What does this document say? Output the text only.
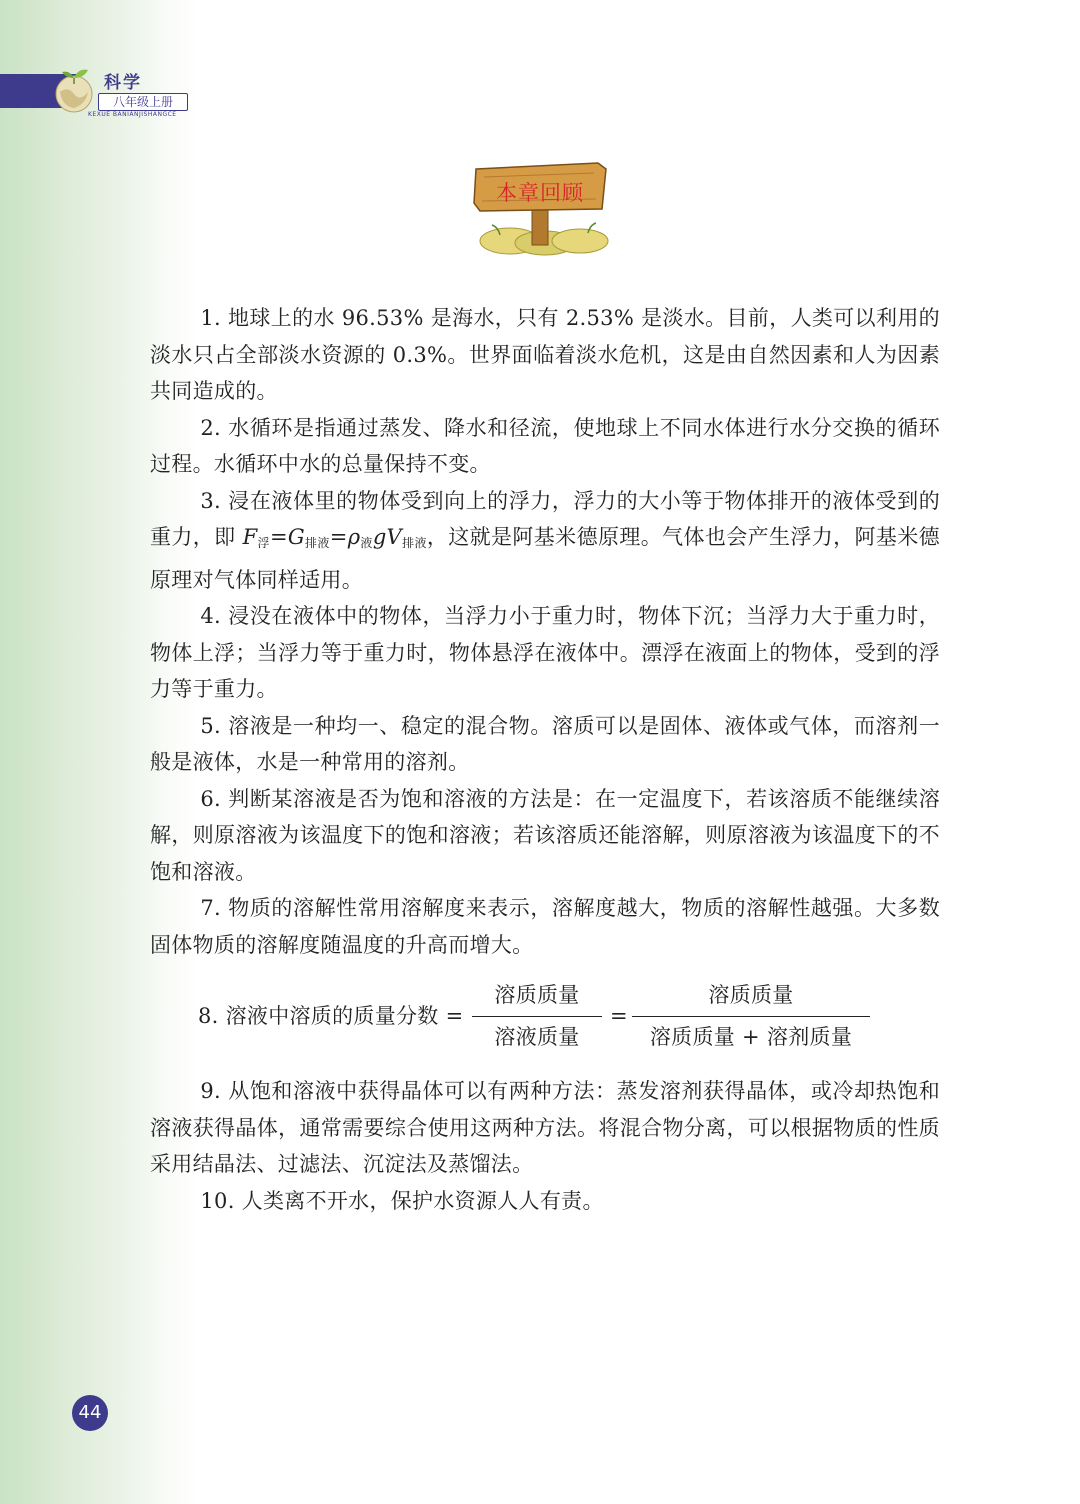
科学
八年级上册
KEXUE BANIANJISHANGCE
本章回顾

1. 地球上的水 96.53% 是海水，只有 2.53% 是淡水。目前，人类可以利用的淡水只占全部淡水资源的 0.3%。世界面临着淡水危机，这是由自然因素和人为因素共同造成的。

2. 水循环是指通过蒸发、降水和径流，使地球上不同水体进行水分交换的循环过程。水循环中水的总量保持不变。

3. 浸在液体里的物体受到向上的浮力，浮力的大小等于物体排开的液体受到的重力，即 $F_浮=G_{排液}=\rho_液gV_{排液}$，这就是阿基米德原理。气体也会产生浮力，阿基米德原理对气体同样适用。

4. 浸没在液体中的物体，当浮力小于重力时，物体下沉；当浮力大于重力时，物体上浮；当浮力等于重力时，物体悬浮在液体中。漂浮在液面上的物体，受到的浮力等于重力。

5. 溶液是一种均一、稳定的混合物。溶质可以是固体、液体或气体，而溶剂一般是液体，水是一种常用的溶剂。

6. 判断某溶液是否为饱和溶液的方法是：在一定温度下，若该溶质不能继续溶解，则原溶液为该温度下的饱和溶液；若该溶质还能溶解，则原溶液为该温度下的不饱和溶液。

7. 物质的溶解性常用溶解度来表示，溶解度越大，物质的溶解性越强。大多数固体物质的溶解度随温度的升高而增大。

8. 溶液中溶质的质量分数 =
溶质质量
溶液质量
=
溶质质量
溶质质量 + 溶剂质量

9. 从饱和溶液中获得晶体可以有两种方法：蒸发溶剂获得晶体，或冷却热饱和溶液获得晶体，通常需要综合使用这两种方法。将混合物分离，可以根据物质的性质采用结晶法、过滤法、沉淀法及蒸馏法。

10. 人类离不开水，保护水资源人人有责。

44
